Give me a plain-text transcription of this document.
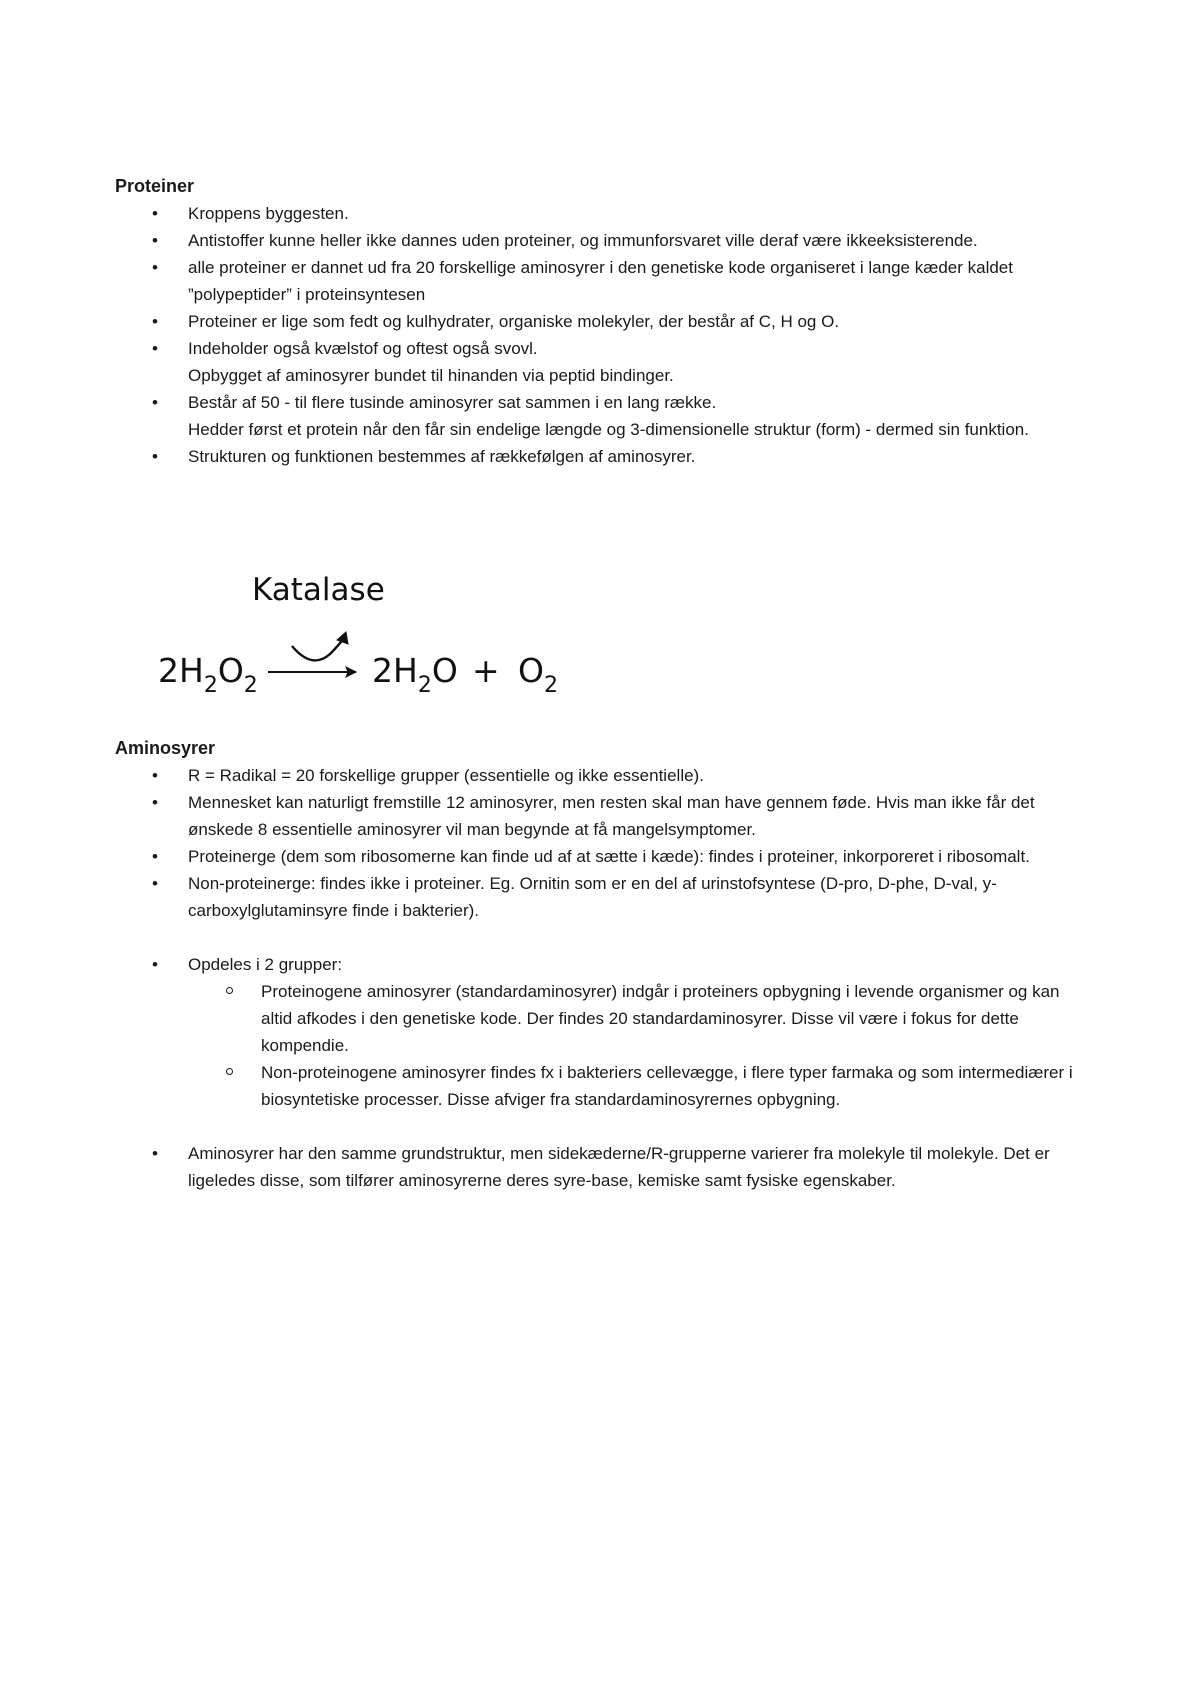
Proteiner
• Kroppens byggesten.
• Antistoffer kunne heller ikke dannes uden proteiner, og immunforsvaret ville deraf være ikkeeksisterende.
• alle proteiner er dannet ud fra 20 forskellige aminosyrer i den genetiske kode organiseret i lange kæder kaldet ”polypeptider” i proteinsyntesen
• Proteiner er lige som fedt og kulhydrater, organiske molekyler, der består af C, H og O.
• Indeholder også kvælstof og oftest også svovl.
Opbygget af aminosyrer bundet til hinanden via peptid bindinger.
• Består af 50 - til flere tusinde aminosyrer sat sammen i en lang række.
Hedder først et protein når den får sin endelige længde og 3-dimensionelle struktur (form) - dermed sin funktion.
• Strukturen og funktionen bestemmes af rækkefølgen af aminosyrer.
Katalase
$2H_2O_2$	$2H_2O + O_2$
Aminosyrer
• R = Radikal = 20 forskellige grupper (essentielle og ikke essentielle).
• Mennesket kan naturligt fremstille 12 aminosyrer, men resten skal man have gennem føde. Hvis man ikke får det ønskede 8 essentielle aminosyrer vil man begynde at få mangelsymptomer.
• Proteinerge (dem som ribosomerne kan finde ud af at sætte i kæde): findes i proteiner, inkorporeret i ribosomalt.
• Non-proteinerge: findes ikke i proteiner. Eg. Ornitin som er en del af urinstofsyntese (D-pro, D-phe, D-val, y-carboxylglutaminsyre finde i bakterier).
• Opdeles i 2 grupper:
Proteinogene aminosyrer (standardaminosyrer) indgår i proteiners opbygning i levende organismer og kan altid afkodes i den genetiske kode. Der findes 20 standardaminosyrer. Disse vil være i fokus for dette kompendie.
Non-proteinogene aminosyrer findes fx i bakteriers cellevægge, i flere typer farmaka og som intermediærer i biosyntetiske processer. Disse afviger fra standardaminosyrernes opbygning.
• Aminosyrer har den samme grundstruktur, men sidekæderne/R-grupperne varierer fra molekyle til molekyle. Det er ligeledes disse, som tilfører aminosyrerne deres syre-base, kemiske samt fysiske egenskaber.
